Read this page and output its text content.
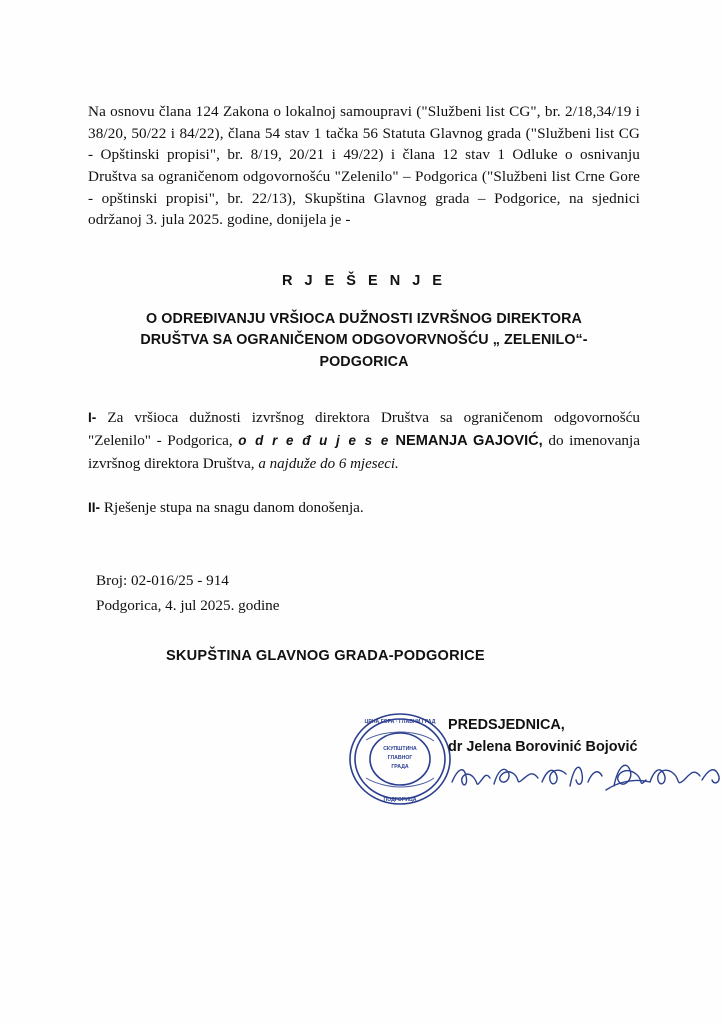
Na osnovu člana 124 Zakona o lokalnoj samoupravi ("Službeni list CG", br. 2/18,34/19 i 38/20, 50/22 i 84/22), člana 54 stav 1 tačka 56 Statuta Glavnog grada ("Službeni list CG - Opštinski propisi", br. 8/19, 20/21 i 49/22) i člana 12 stav 1 Odluke o osnivanju Društva sa ograničenom odgovornošću "Zelenilo" – Podgorica ("Službeni list Crne Gore - opštinski propisi", br. 22/13), Skupština Glavnog grada – Podgorice, na sjednici održanoj 3. jula 2025. godine, donijela je -

R J E Š E N J E
O ODREĐIVANJU VRŠIOCA DUŽNOSTI IZVRŠNOG DIREKTORA
DRUŠTVA SA OGRANIČENOM ODGOVORVNOŠĆU „ ZELENILO“-
PODGORICA

I- Za vršioca dužnosti izvršnog direktora Društva sa ograničenom odgovornošću "Zelenilo" - Podgorica, o d r e đ u j e s e NEMANJA GAJOVIĆ, do imenovanja izvršnog direktora Društva, a najduže do 6 mjeseci.

II- Rješenje stupa na snagu danom donošenja.

Broj: 02-016/25 - 914
Podgorica, 4. jul 2025. godine
SKUPŠTINA GLAVNOG GRADA-PODGORICE
ЦРНА ГОРА · ГЛАВНИ ГРАД
ПОДГОРИЦА
СКУПШТИНА
ГЛАВНОГ
ГРАДА
PREDSJEDNICA,
dr Jelena Borovinić Bojović
